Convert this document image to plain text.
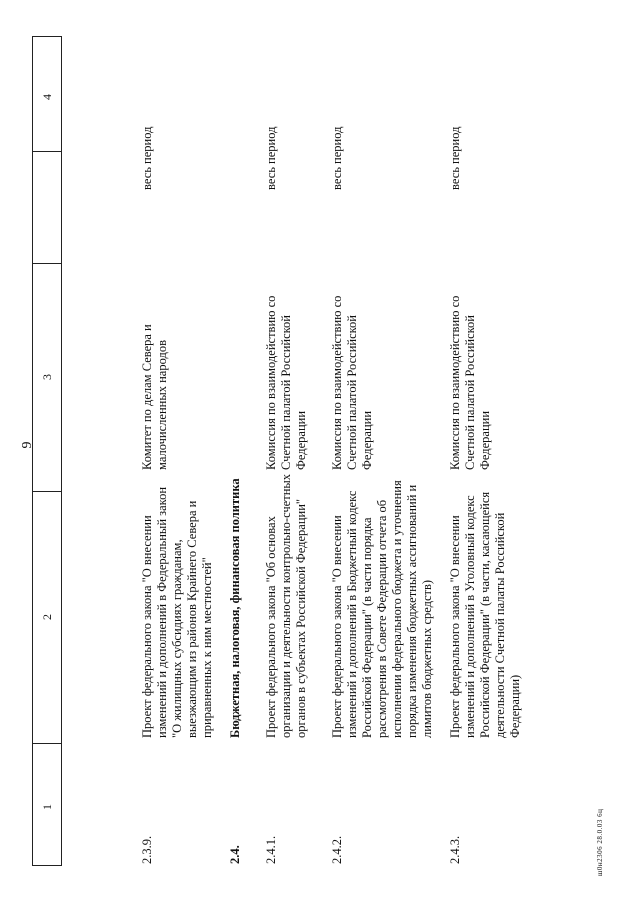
9
1
2
3
4
2.3.9.
Проект федерального закона "О внесении изменений и дополнений в Федеральный закон "О жилищных субсидиях гражданам, выезжающим из районов Крайнего Севера и приравненных к ним местностей"
Комитет по делам Севера и малочисленных народов
весь период
2.4.
Бюджетная, налоговая, финансовая политика
2.4.1.
Проект федерального закона "Об основах организации и деятельности контрольно-счетных органов в субъектах Российской Федерации"
Комиссия по взаимодействию со Счетной палатой Российской Федерации
весь период
2.4.2.
Проект федерального закона "О внесении изменений и дополнений в Бюджетный кодекс Российской Федерации" (в части порядка рассмотрения в Совете Федерации отчета об исполнении федерального бюджета и уточнения порядка изменения бюджетных ассигнований и лимитов бюджетных средств)
Комиссия по взаимодействию со Счетной палатой Российской Федерации
весь период
2.4.3.
Проект федерального закона "О внесении изменений и дополнений в Уголовный кодекс Российской Федерации" (в части, касающейся деятельности Счетной палаты Российской Федерации)
Комиссия по взаимодействию со Счетной палатой Российской Федерации
весь период
ш0н2306 28.0.03 6ц
